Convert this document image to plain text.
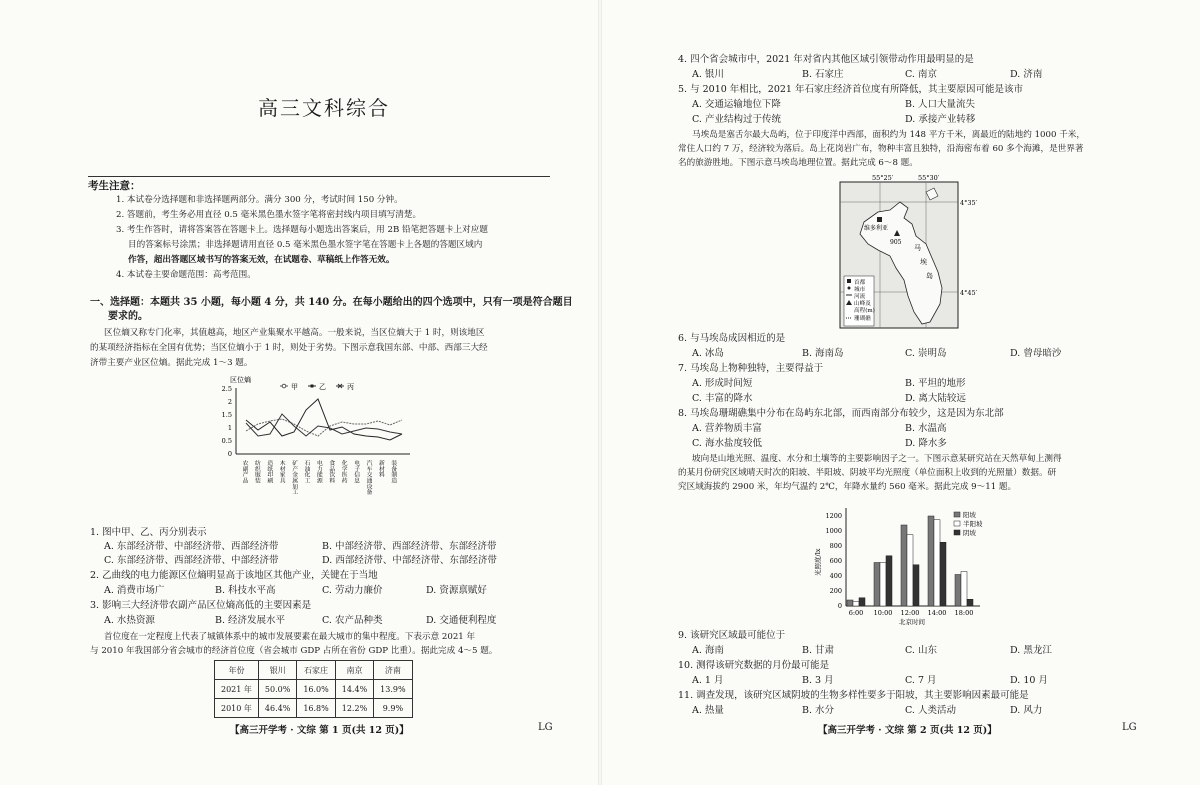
高三文科综合
考生注意：
1. 本试卷分选择题和非选择题两部分。满分 300 分，考试时间 150 分钟。
2. 答题前，考生务必用直径 0.5 毫米黑色墨水签字笔将密封线内项目填写清楚。
3. 考生作答时，请将答案答在答题卡上。选择题每小题选出答案后，用 2B 铅笔把答题卡上对应题
目的答案标号涂黑；非选择题请用直径 0.5 毫米黑色墨水签字笔在答题卡上各题的答题区域内
作答，超出答题区域书写的答案无效，在试题卷、草稿纸上作答无效。
4. 本试卷主要命题范围：高考范围。
一、选择题：本题共 35 小题，每小题 4 分，共 140 分。在每小题给出的四个选项中，只有一项是符合题目
要求的。
区位熵又称专门化率，其值越高，地区产业集聚水平越高。一般来说，当区位熵大于 1 时，则该地区
的某项经济指标在全国有优势；当区位熵小于 1 时，则处于劣势。下图示意我国东部、中部、西部三大经
济带主要产业区位熵。据此完成 1～3 题。
区位熵
甲	乙	丙
2.5
2
1.5
1
0.5
0
农副产品 纺织服装 造纸印刷 木材家具 矿产金属加工 石油化工 电力能源 食品饮料 化学医药 电子信息 汽车交通设备 新材料 装备制造
1. 图中甲、乙、丙分别表示
A. 东部经济带、中部经济带、西部经济带	B. 中部经济带、西部经济带、东部经济带
C. 东部经济带、西部经济带、中部经济带	D. 西部经济带、中部经济带、东部经济带
2. 乙曲线的电力能源区位熵明显高于该地区其他产业，关键在于当地
A. 消费市场广	B. 科技水平高	C. 劳动力廉价	D. 资源禀赋好
3. 影响三大经济带农副产品区位熵高低的主要因素是
A. 水热资源	B. 经济发展水平	C. 农产品种类	D. 交通便利程度
首位度在一定程度上代表了城镇体系中的城市发展要素在最大城市的集中程度。下表示意 2021 年
与 2010 年我国部分省会城市的经济首位度（省会城市 GDP 占所在省份 GDP 比重）。据此完成 4～5 题。
年份	银川	石家庄	南京	济南
2021 年	50.0%	16.0%	14.4%	13.9%
2010 年	46.4%	16.8%	12.2%	9.9%
【高三开学考 · 文综 第 1 页(共 12 页)】	LG
4. 四个省会城市中，2021 年对省内其他区域引领带动作用最明显的是
A. 银川	B. 石家庄	C. 南京	D. 济南
5. 与 2010 年相比，2021 年石家庄经济首位度有所降低，其主要原因可能是该市
A. 交通运输地位下降	B. 人口大量流失
C. 产业结构过于传统	D. 承接产业转移
马埃岛是塞舌尔最大岛屿，位于印度洋中西部，面积约为 148 平方千米，离最近的陆地约 1000 千米，
常住人口约 7 万，经济较为落后。岛上花岗岩广布，物种丰富且独特，沿海密布着 60 多个海滩，是世界著
名的旅游胜地。下图示意马埃岛地理位置。据此完成 6～8 题。
55°25′	55°30′
4°35′
4°45′
维多利亚
905
马
埃
岛
首都
城市
河流
山峰及
高程(m)
珊瑚礁
6. 与马埃岛成因相近的是
A. 冰岛	B. 海南岛	C. 崇明岛	D. 曾母暗沙
7. 马埃岛上物种独特，主要得益于
A. 形成时间短	B. 平坦的地形
C. 丰富的降水	D. 离大陆较远
8. 马埃岛珊瑚礁集中分布在岛屿东北部，而西南部分布较少，这是因为东北部
A. 营养物质丰富	B. 水温高
C. 海水盐度较低	D. 降水多
坡向是山地光照、温度、水分和土壤等的主要影响因子之一。下图示意某研究站在天然草甸上测得
的某月份研究区域晴天时次的阳坡、半阳坡、阴坡平均光照度（单位面积上收到的光照量）数据。研
究区域海拔约 2900 米，年均气温约 2℃，年降水量约 560 毫米。据此完成 9～11 题。
光照度/lx
1200
1000
800
600
400
200
0
6:00 10:00 12:00 14:00 18:00
北京时间
阳坡
半阳坡
阴坡
9. 该研究区域最可能位于
A. 海南	B. 甘肃	C. 山东	D. 黑龙江
10. 测得该研究数据的月份最可能是
A. 1 月	B. 3 月	C. 7 月	D. 10 月
11. 调查发现，该研究区域阴坡的生物多样性要多于阳坡，其主要影响因素最可能是
A. 热量	B. 水分	C. 人类活动	D. 风力
【高三开学考 · 文综 第 2 页(共 12 页)】	LG
